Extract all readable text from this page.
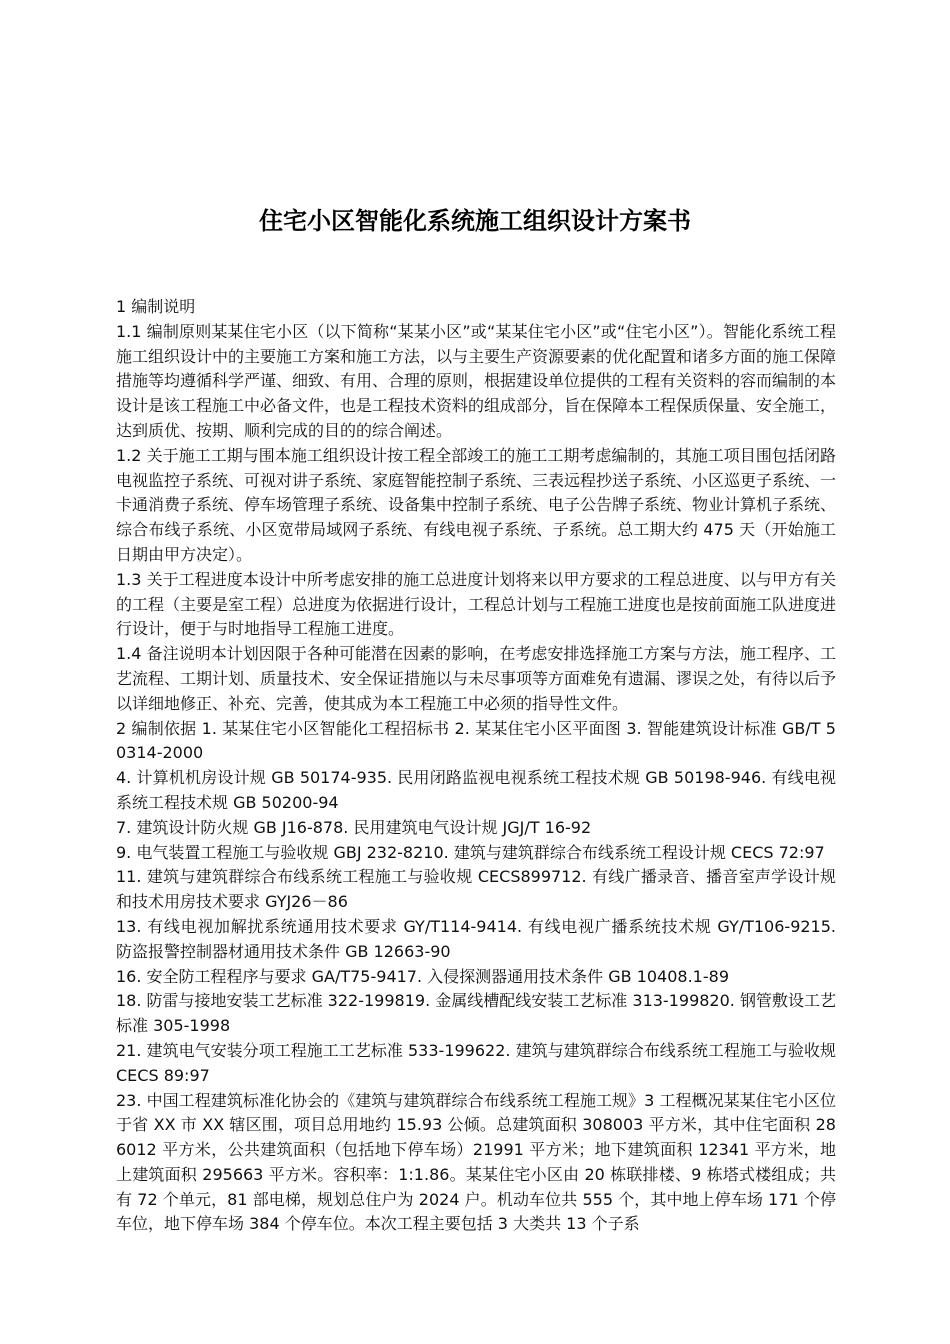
住宅小区智能化系统施工组织设计方案书

1 编制说明

1.1 编制原则某某住宅小区（以下简称“某某小区”或“某某住宅小区”或“住宅小区”）。智能化系统工程施工组织设计中的主要施工方案和施工方法，以与主要生产资源要素的优化配置和诸多方面的施工保障措施等均遵循科学严谨、细致、有用、合理的原则，根据建设单位提供的工程有关资料的容而编制的本设计是该工程施工中必备文件，也是工程技术资料的组成部分，旨在保障本工程保质保量、安全施工，达到质优、按期、顺利完成的目的的综合阐述。

1.2 关于施工工期与围本施工组织设计按工程全部竣工的施工工期考虑编制的，其施工项目围包括闭路电视监控子系统、可视对讲子系统、家庭智能控制子系统、三表远程抄送子系统、小区巡更子系统、一卡通消费子系统、停车场管理子系统、设备集中控制子系统、电子公告牌子系统、物业计算机子系统、综合布线子系统、小区宽带局域网子系统、有线电视子系统、子系统。总工期大约 475 天（开始施工日期由甲方决定）。

1.3 关于工程进度本设计中所考虑安排的施工总进度计划将来以甲方要求的工程总进度、以与甲方有关的工程（主要是室工程）总进度为依据进行设计，工程总计划与工程施工进度也是按前面施工队进度进行设计，便于与时地指导工程施工进度。

1.4 备注说明本计划因限于各种可能潜在因素的影响，在考虑安排选择施工方案与方法，施工程序、工艺流程、工期计划、质量技术、安全保证措施以与未尽事项等方面难免有遗漏、谬误之处，有待以后予以详细地修正、补充、完善，使其成为本工程施工中必须的指导性文件。

2 编制依据 1. 某某住宅小区智能化工程招标书 2. 某某住宅小区平面图 3. 智能建筑设计标准 GB/T 50314-2000

4. 计算机机房设计规 GB 50174-935. 民用闭路监视电视系统工程技术规 GB 50198-946. 有线电视系统工程技术规 GB 50200-94

7. 建筑设计防火规 GB J16-878. 民用建筑电气设计规 JGJ/T 16-92

9. 电气装置工程施工与验收规 GBJ 232-8210. 建筑与建筑群综合布线系统工程设计规 CECS 72:97

11. 建筑与建筑群综合布线系统工程施工与验收规 CECS899712. 有线广播录音、播音室声学设计规和技术用房技术要求 GYJ26－86

13. 有线电视加解扰系统通用技术要求 GY/T114-9414. 有线电视广播系统技术规 GY/T106-9215. 防盗报警控制器材通用技术条件 GB 12663-90

16. 安全防工程程序与要求 GA/T75-9417. 入侵探测器通用技术条件 GB 10408.1-89

18. 防雷与接地安装工艺标准 322-199819. 金属线槽配线安装工艺标准 313-199820. 钢管敷设工艺标准 305-1998

21. 建筑电气安装分项工程施工工艺标准 533-199622. 建筑与建筑群综合布线系统工程施工与验收规 CECS 89:97

23. 中国工程建筑标准化协会的《建筑与建筑群综合布线系统工程施工规》3 工程概况某某住宅小区位于省 XX 市 XX 辖区围，项目总用地约 15.93 公倾。总建筑面积 308003 平方米，其中住宅面积 286012 平方米，公共建筑面积（包括地下停车场）21991 平方米；地下建筑面积 12341 平方米，地上建筑面积 295663 平方米。容积率：1:1.86。某某住宅小区由 20 栋联排楼、9 栋塔式楼组成；共有 72 个单元，81 部电梯，规划总住户为 2024 户。机动车位共 555 个，其中地上停车场 171 个停车位，地下停车场 384 个停车位。本次工程主要包括 3 大类共 13 个子系
